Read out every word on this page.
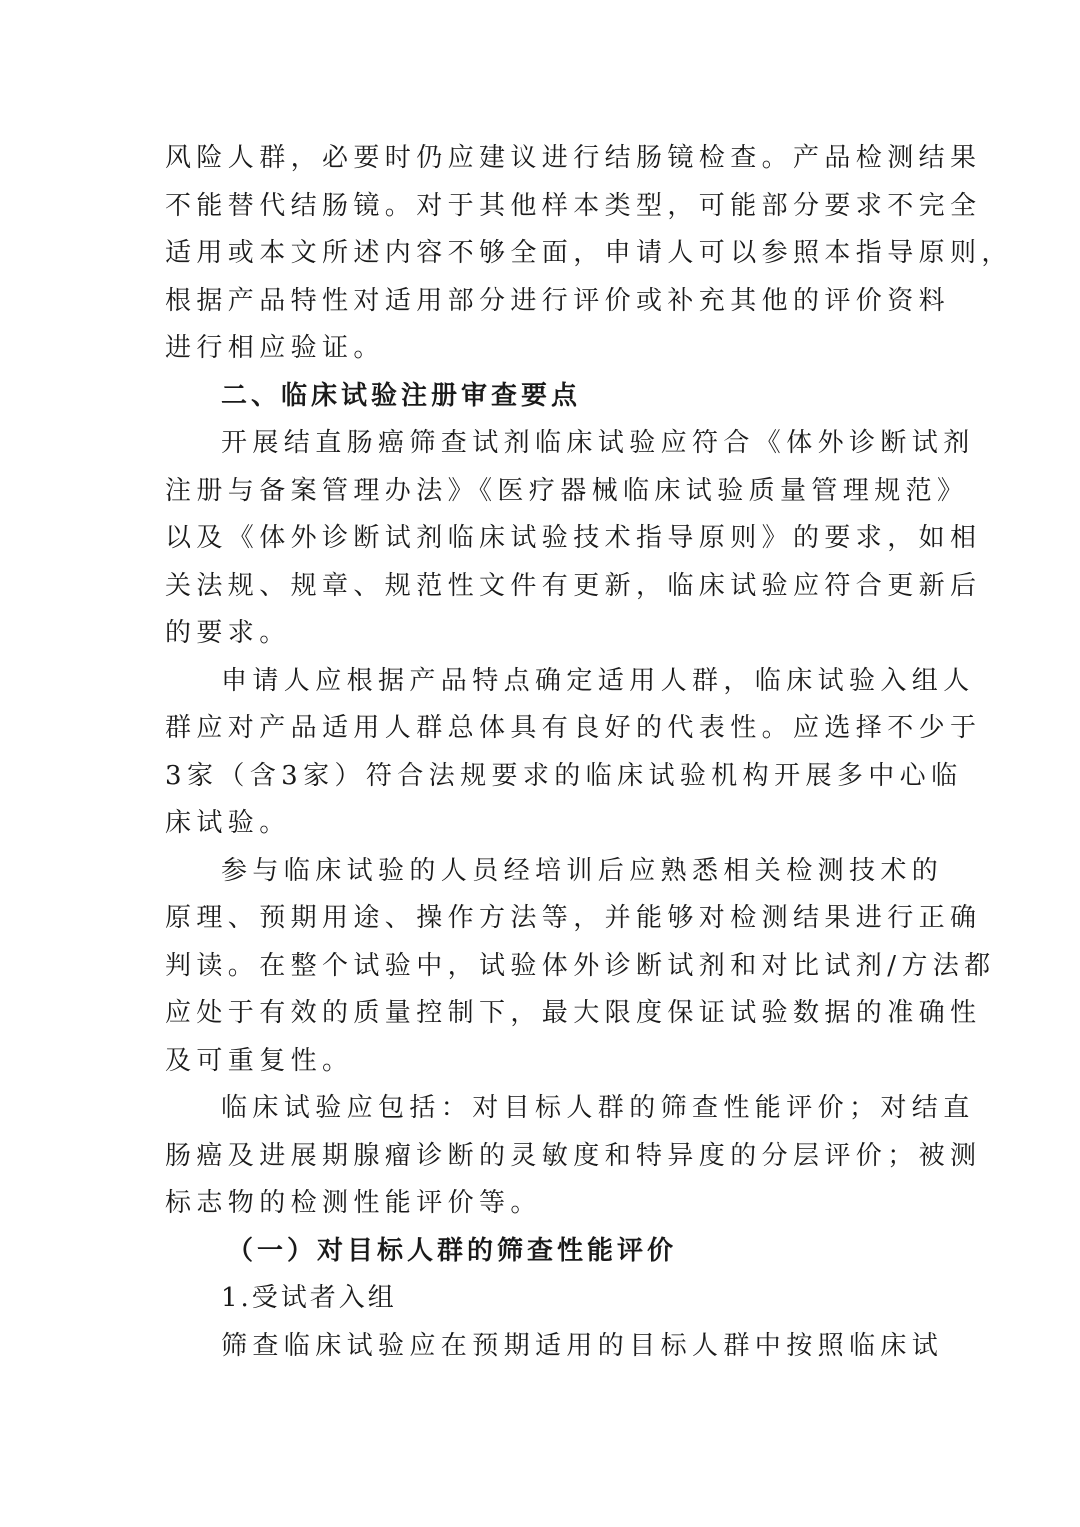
风险人群，必要时仍应建议进行结肠镜检查。产品检测结果
不能替代结肠镜。对于其他样本类型，可能部分要求不完全
适用或本文所述内容不够全面，申请人可以参照本指导原则，
根据产品特性对适用部分进行评价或补充其他的评价资料
进行相应验证。
二、临床试验注册审查要点
开展结直肠癌筛查试剂临床试验应符合《体外诊断试剂
注册与备案管理办法》《医疗器械临床试验质量管理规范》
以及《体外诊断试剂临床试验技术指导原则》的要求，如相
关法规、规章、规范性文件有更新，临床试验应符合更新后
的要求。
申请人应根据产品特点确定适用人群，临床试验入组人
群应对产品适用人群总体具有良好的代表性。应选择不少于
3家（含3家）符合法规要求的临床试验机构开展多中心临
床试验。
参与临床试验的人员经培训后应熟悉相关检测技术的
原理、预期用途、操作方法等，并能够对检测结果进行正确
判读。在整个试验中，试验体外诊断试剂和对比试剂/方法都
应处于有效的质量控制下，最大限度保证试验数据的准确性
及可重复性。
临床试验应包括：对目标人群的筛查性能评价；对结直
肠癌及进展期腺瘤诊断的灵敏度和特异度的分层评价；被测
标志物的检测性能评价等。
（一）对目标人群的筛查性能评价
1.受试者入组
筛查临床试验应在预期适用的目标人群中按照临床试
